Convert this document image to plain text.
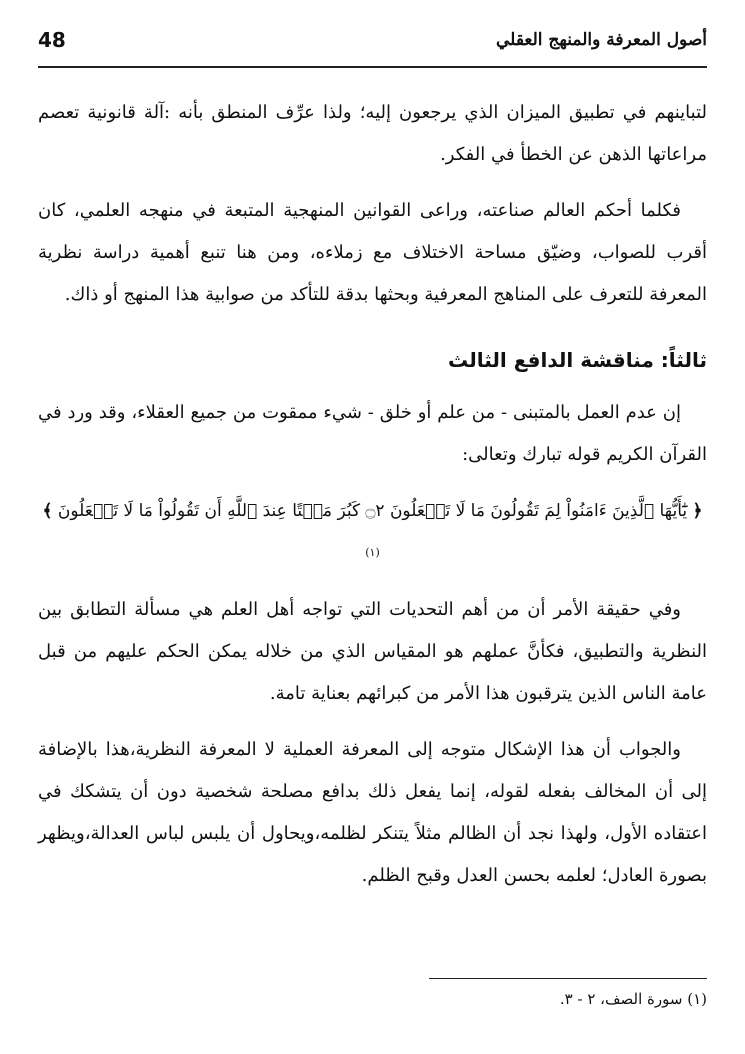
48	أصول المعرفة والمنهج العقلي

لتباينهم في تطبيق الميزان الذي يرجعون إليه؛ ولذا عرِّف المنطق بأنه :آلة قانونية تعصم مراعاتها الذهن عن الخطأ في الفكر.

فكلما أحكم العالم صناعته، وراعى القوانين المنهجية المتبعة في منهجه العلمي، كان أقرب للصواب، وضيّق مساحة الاختلاف مع زملاءه، ومن هنا تنبع أهمية دراسة نظرية المعرفة للتعرف على المناهج المعرفية وبحثها بدقة للتأكد من صوابية هذا المنهج أو ذاك.

ثالثاً: مناقشة الدافع الثالث

إن عدم العمل بالمتبنى - من علم أو خلق - شيء ممقوت من جميع العقلاء، وقد ورد في القرآن الكريم قوله تبارك وتعالى:

﴿ يَٰٓأَيُّهَا ٱلَّذِينَ ءَامَنُواْ لِمَ تَقُولُونَ مَا لَا تَفۡعَلُونَ ۝٢ كَبُرَ مَقۡتًا عِندَ ٱللَّهِ أَن تَقُولُواْ مَا لَا تَفۡعَلُونَ ﴾ $^{(١)}$

وفي حقيقة الأمر أن من أهم التحديات التي تواجه أهل العلم هي مسألة التطابق بين النظرية والتطبيق، فكأنَّ عملهم هو المقياس الذي من خلاله يمكن الحكم عليهم من قبل عامة الناس الذين يترقبون هذا الأمر من كبرائهم بعناية تامة.

والجواب أن هذا الإشكال متوجه إلى المعرفة العملية لا المعرفة النظرية،هذا بالإضافة إلى أن المخالف بفعله لقوله، إنما يفعل ذلك بدافع مصلحة شخصية دون أن يتشكك في اعتقاده الأول، ولهذا نجد أن الظالم مثلاً يتنكر لظلمه،ويحاول أن يلبس لباس العدالة،ويظهر بصورة العادل؛ لعلمه بحسن العدل وقبح الظلم.

(١) سورة الصف، ٢ - ٣.
